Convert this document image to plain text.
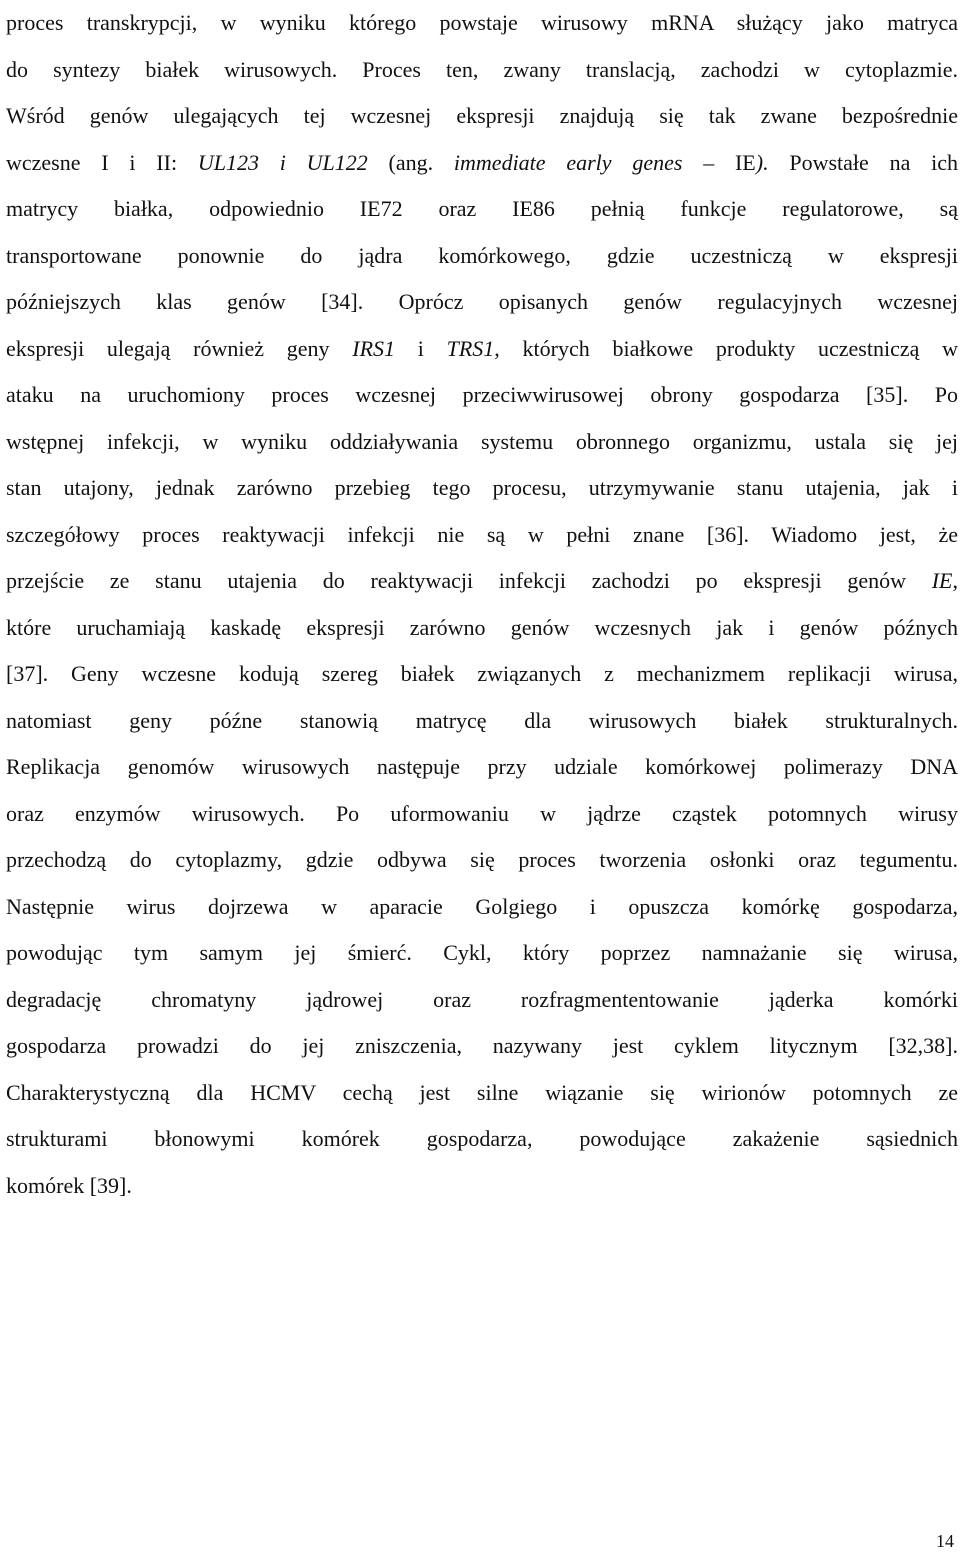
proces transkrypcji, w wyniku którego powstaje wirusowy mRNA służący jako matryca
do syntezy białek wirusowych. Proces ten, zwany translacją, zachodzi w cytoplazmie.
Wśród genów ulegających tej wczesnej ekspresji znajdują się tak zwane bezpośrednie
wczesne I i II: UL123 i UL122 (ang. immediate early genes – IE). Powstałe na ich
matrycy białka, odpowiednio IE72 oraz IE86 pełnią funkcje regulatorowe, są
transportowane ponownie do jądra komórkowego, gdzie uczestniczą w ekspresji
późniejszych klas genów [34]. Oprócz opisanych genów regulacyjnych wczesnej
ekspresji ulegają również geny IRS1 i TRS1, których białkowe produkty uczestniczą w
ataku na uruchomiony proces wczesnej przeciwwirusowej obrony gospodarza [35]. Po
wstępnej infekcji, w wyniku oddziaływania systemu obronnego organizmu, ustala się jej
stan utajony, jednak zarówno przebieg tego procesu, utrzymywanie stanu utajenia, jak i
szczegółowy proces reaktywacji infekcji nie są w pełni znane [36]. Wiadomo jest, że
przejście ze stanu utajenia do reaktywacji infekcji zachodzi po ekspresji genów IE,
które uruchamiają kaskadę ekspresji zarówno genów wczesnych jak i genów późnych
[37]. Geny wczesne kodują szereg białek związanych z mechanizmem replikacji wirusa,
natomiast geny późne stanowią matrycę dla wirusowych białek strukturalnych.
Replikacja genomów wirusowych następuje przy udziale komórkowej polimerazy DNA
oraz enzymów wirusowych. Po uformowaniu w jądrze cząstek potomnych wirusy
przechodzą do cytoplazmy, gdzie odbywa się proces tworzenia osłonki oraz tegumentu.
Następnie wirus dojrzewa w aparacie Golgiego i opuszcza komórkę gospodarza,
powodując tym samym jej śmierć. Cykl, który poprzez namnażanie się wirusa,
degradację chromatyny jądrowej oraz rozfragmententowanie jąderka komórki
gospodarza prowadzi do jej zniszczenia, nazywany jest cyklem litycznym [32,38].
Charakterystyczną dla HCMV cechą jest silne wiązanie się wirionów potomnych ze
strukturami błonowymi komórek gospodarza, powodujące zakażenie sąsiednich
komórek [39].
14
